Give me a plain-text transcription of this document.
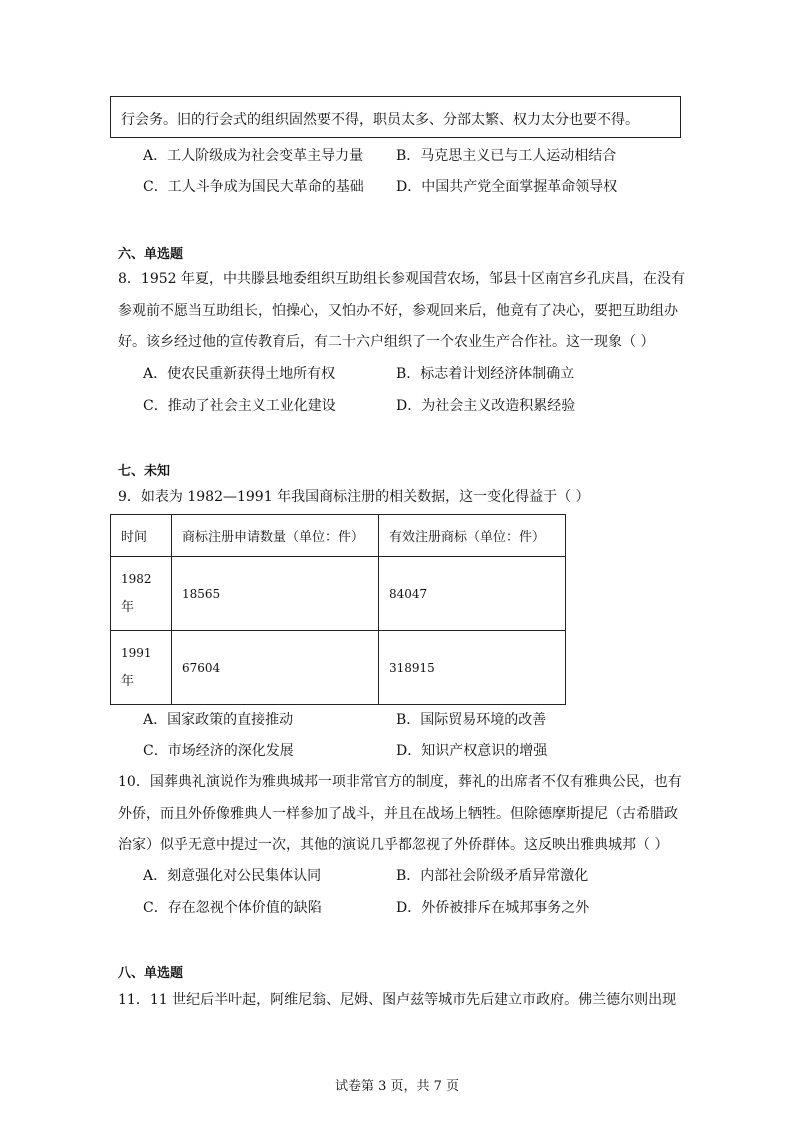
行会务。旧的行会式的组织固然要不得，职员太多、分部太繁、权力太分也要不得。
A．工人阶级成为社会变革主导力量 B．马克思主义已与工人运动相结合
C．工人斗争成为国民大革命的基础 D．中国共产党全面掌握革命领导权
六、单选题
8．1952 年夏，中共滕县地委组织互助组长参观国营农场，邹县十区南宫乡孔庆昌，在没有
参观前不愿当互助组长，怕操心，又怕办不好，参观回来后，他竟有了决心，要把互助组办
好。该乡经过他的宣传教育后，有二十六户组织了一个农业生产合作社。这一现象（ ）
A．使农民重新获得土地所有权	B．标志着计划经济体制确立
C．推动了社会主义工业化建设	D．为社会主义改造积累经验
七、未知
9．如表为 1982—1991 年我国商标注册的相关数据，这一变化得益于（ ）
时间	商标注册申请数量（单位：件）	有效注册商标（单位：件）

1982
年	18565	84047

1991
年	67604	318915
A．国家政策的直接推动	B．国际贸易环境的改善
C．市场经济的深化发展	D．知识产权意识的增强
10．国葬典礼演说作为雅典城邦一项非常官方的制度，葬礼的出席者不仅有雅典公民，也有
外侨，而且外侨像雅典人一样参加了战斗，并且在战场上牺牲。但除德摩斯提尼（古希腊政
治家）似乎无意中提过一次，其他的演说几乎都忽视了外侨群体。这反映出雅典城邦（ ）
A．刻意强化对公民集体认同	B．内部社会阶级矛盾异常激化
C．存在忽视个体价值的缺陷	D．外侨被排斥在城邦事务之外
八、单选题
11．11 世纪后半叶起，阿维尼翁、尼姆、图卢兹等城市先后建立市政府。佛兰德尔则出现
试卷第 3 页，共 7 页
